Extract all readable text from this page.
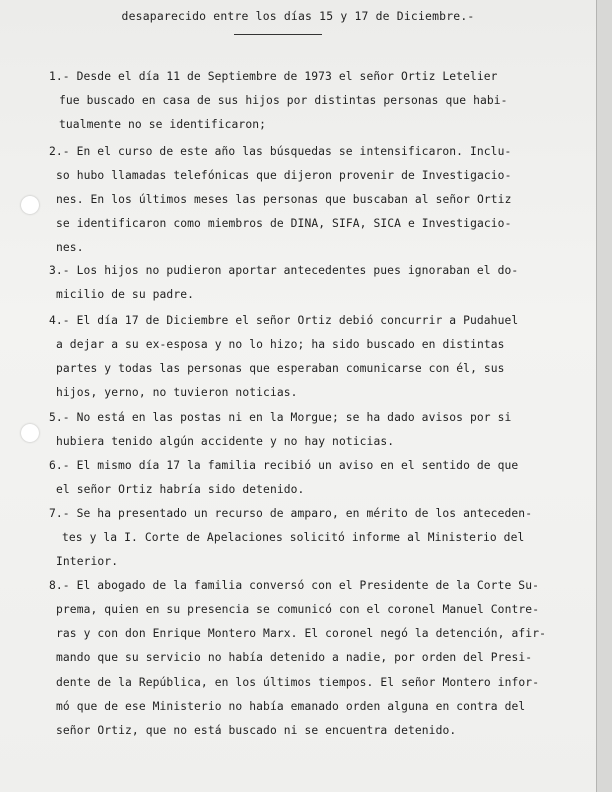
desaparecido entre los días 15 y 17 de Diciembre.-
1.- Desde el día 11 de Septiembre de 1973 el señor Ortiz Letelier
fue buscado en casa de sus hijos por distintas personas que habi-
tualmente no se identificaron;
2.- En el curso de este año las búsquedas se intensificaron. Inclu-
so hubo llamadas telefónicas que dijeron provenir de Investigacio-
nes. En los últimos meses las personas que buscaban al señor Ortiz
se identificaron como miembros de DINA, SIFA, SICA e Investigacio-
nes.
3.- Los hijos no pudieron aportar antecedentes pues ignoraban el do-
micilio de su padre.
4.- El día 17 de Diciembre el señor Ortiz debió concurrir a Pudahuel
a dejar a su ex-esposa y no lo hizo; ha sido buscado en distintas
partes y todas las personas que esperaban comunicarse con él, sus
hijos, yerno, no tuvieron noticias.
5.- No está en las postas ni en la Morgue; se ha dado avisos por si
hubiera tenido algún accidente y no hay noticias.
6.- El mismo día 17 la familia recibió un aviso en el sentido de que
el señor Ortiz habría sido detenido.
7.- Se ha presentado un recurso de amparo, en mérito de los anteceden-
tes y la I. Corte de Apelaciones solicitó informe al Ministerio del
Interior.
8.- El abogado de la familia conversó con el Presidente de la Corte Su-
prema, quien en su presencia se comunicó con el coronel Manuel Contre-
ras y con don Enrique Montero Marx. El coronel negó la detención, afir-
mando que su servicio no había detenido a nadie, por orden del Presi-
dente de la República, en los últimos tiempos. El señor Montero infor-
mó que de ese Ministerio no había emanado orden alguna en contra del
señor Ortiz, que no está buscado ni se encuentra detenido.
